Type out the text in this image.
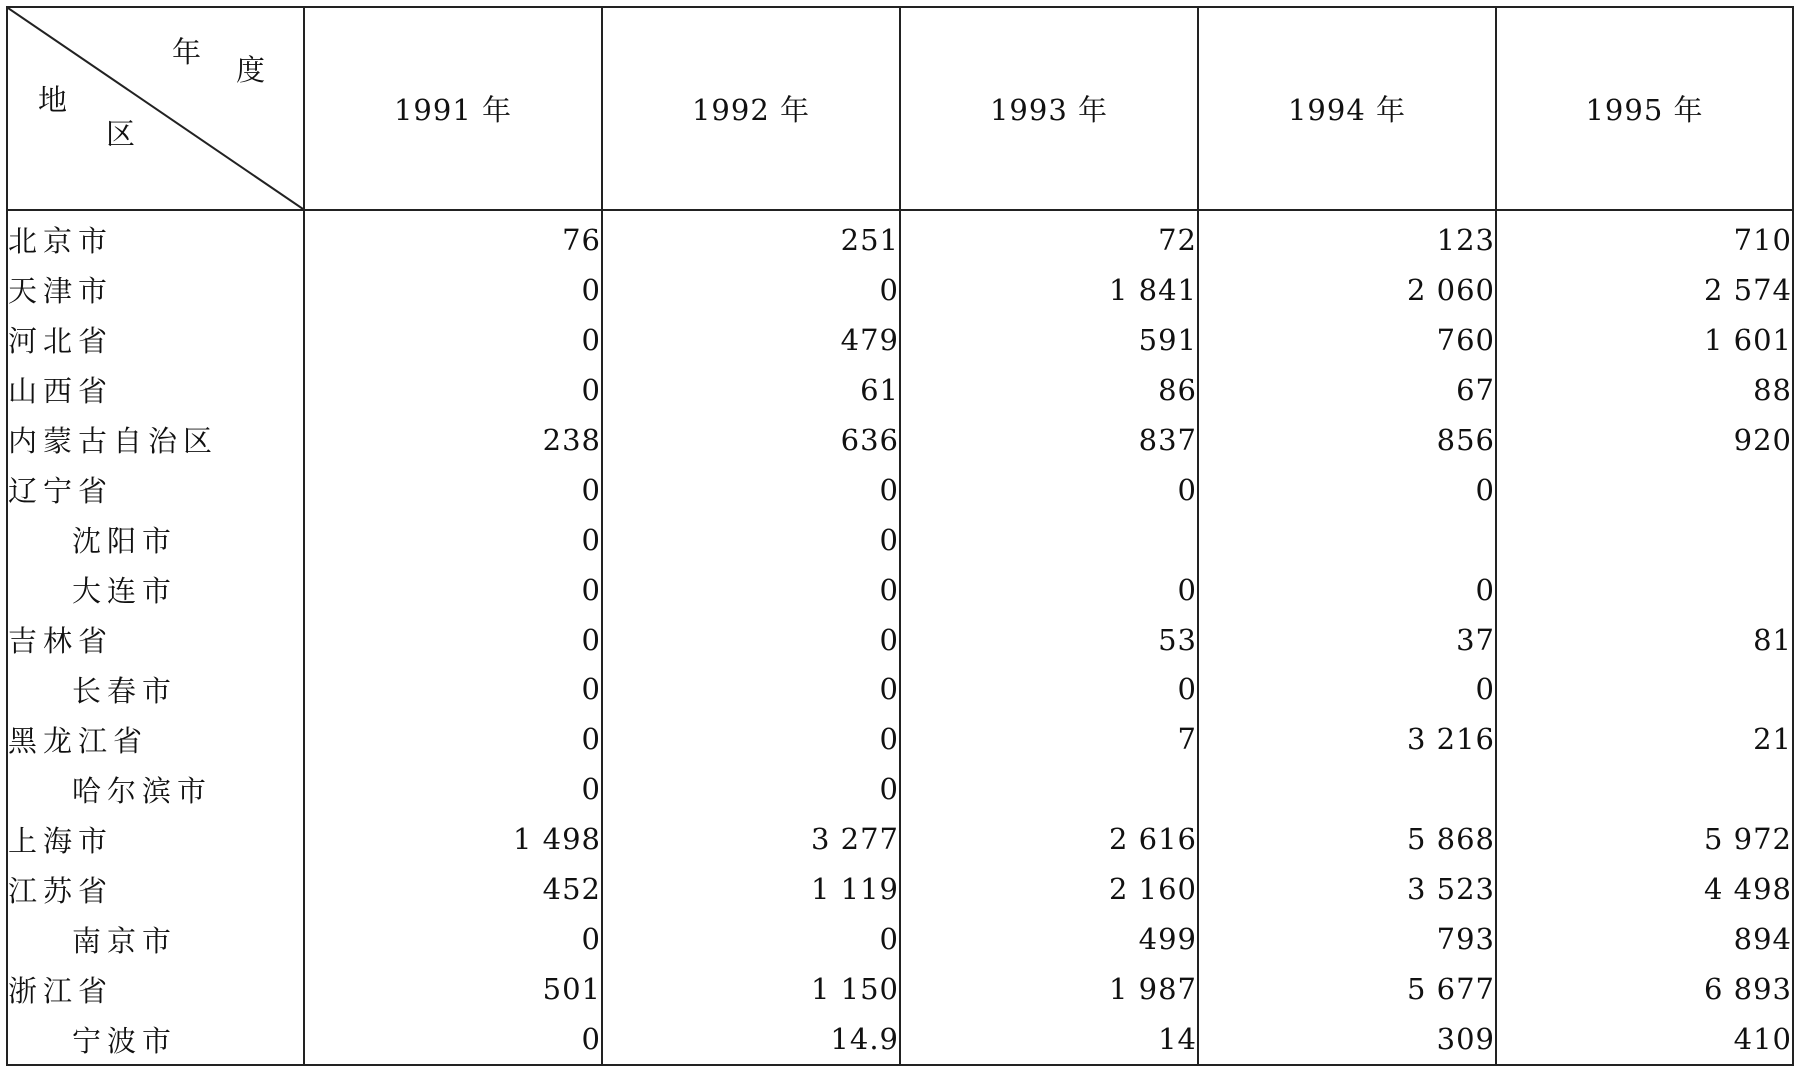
年
度
地
区	1991 年	1992 年	1993 年	1994 年	1995 年
北京市	76	251	72	123	710
天津市	0	0	1 841	2 060	2 574
河北省	0	479	591	760	1 601
山西省	0	61	86	67	88
内蒙古自治区	238	636	837	856	920
辽宁省	0	0	0	0	
沈阳市	0	0			
大连市	0	0	0	0	
吉林省	0	0	53	37	81
长春市	0	0	0	0	
黑龙江省	0	0	7	3 216	21
哈尔滨市	0	0			
上海市	1 498	3 277	2 616	5 868	5 972
江苏省	452	1 119	2 160	3 523	4 498
南京市	0	0	499	793	894
浙江省	501	1 150	1 987	5 677	6 893
宁波市	0	14.9	14	309	410
